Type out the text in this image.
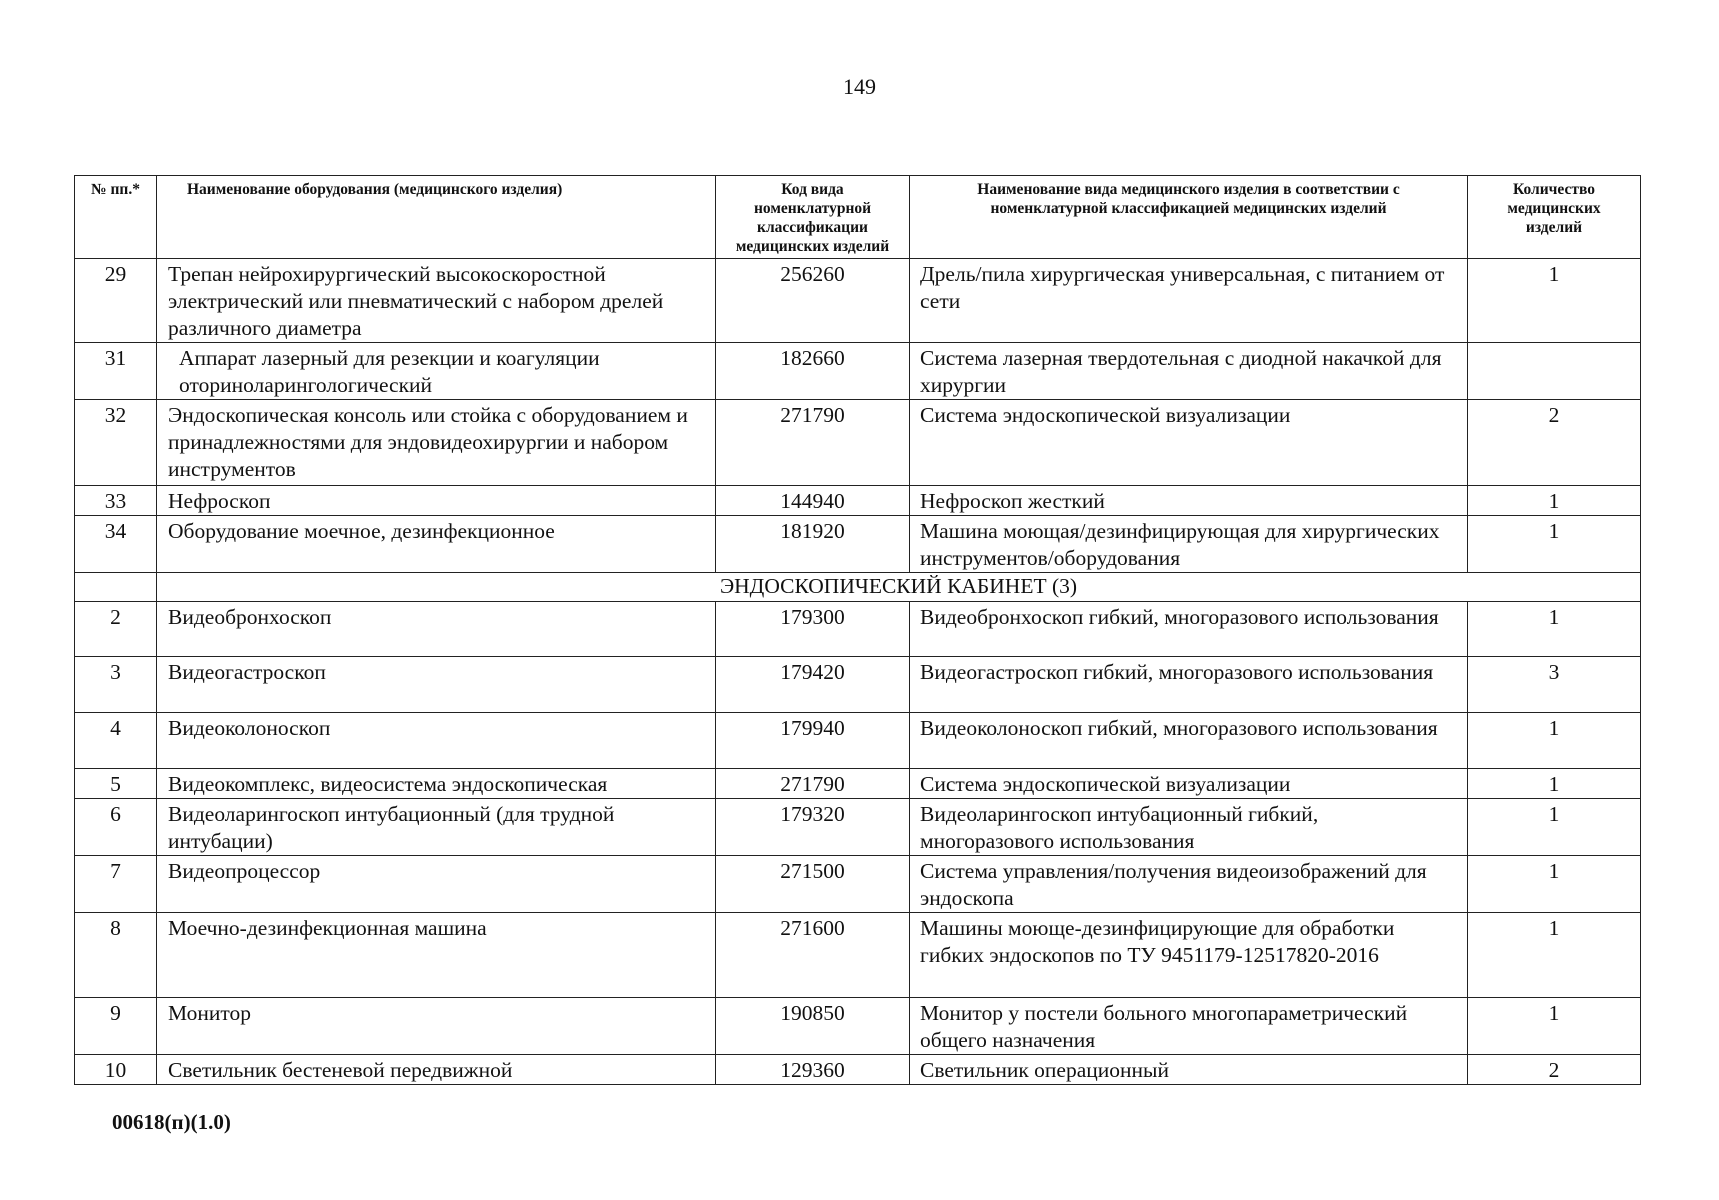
149
№ пп.*	Наименование оборудования (медицинского изделия)	Код вида номенклатурной классификации медицинских изделий	Наименование вида медицинского изделия в соответствии с номенклатурной классификацией медицинских изделий	Количество медицинских изделий
29	Трепан нейрохирургический высокоскоростной электрический или пневматический с набором дрелей различного диаметра	256260	Дрель/пила хирургическая универсальная, с питанием от сети	1
31	Аппарат лазерный для резекции и коагуляции оториноларингологический	182660	Система лазерная твердотельная с диодной накачкой для хирургии	
32	Эндоскопическая консоль или стойка с оборудованием и принадлежностями для эндовидеохирургии и набором инструментов	271790	Система эндоскопической визуализации	2
33	Нефроскоп	144940	Нефроскоп жесткий	1
34	Оборудование моечное, дезинфекционное	181920	Машина моющая/дезинфицирующая для хирургических инструментов/оборудования	1
	ЭНДОСКОПИЧЕСКИЙ КАБИНЕТ (3)			
2	Видеобронхоскоп	179300	Видеобронхоскоп гибкий, многоразового использования	1
3	Видеогастроскоп	179420	Видеогастроскоп гибкий, многоразового использования	3
4	Видеоколоноскоп	179940	Видеоколоноскоп гибкий, многоразового использования	1
5	Видеокомплекс, видеосистема эндоскопическая	271790	Система эндоскопической визуализации	1
6	Видеоларингоскоп интубационный (для трудной интубации)	179320	Видеоларингоскоп интубационный гибкий, многоразового использования	1
7	Видеопроцессор	271500	Система управления/получения видеоизображений для эндоскопа	1
8	Моечно-дезинфекционная машина	271600	Машины моюще-дезинфицирующие для обработки гибких эндоскопов по ТУ 9451179-12517820-2016	1
9	Монитор	190850	Монитор у постели больного многопараметрический общего назначения	1
10	Светильник бестеневой передвижной	129360	Светильник операционный	2
00618(п)(1.0)
